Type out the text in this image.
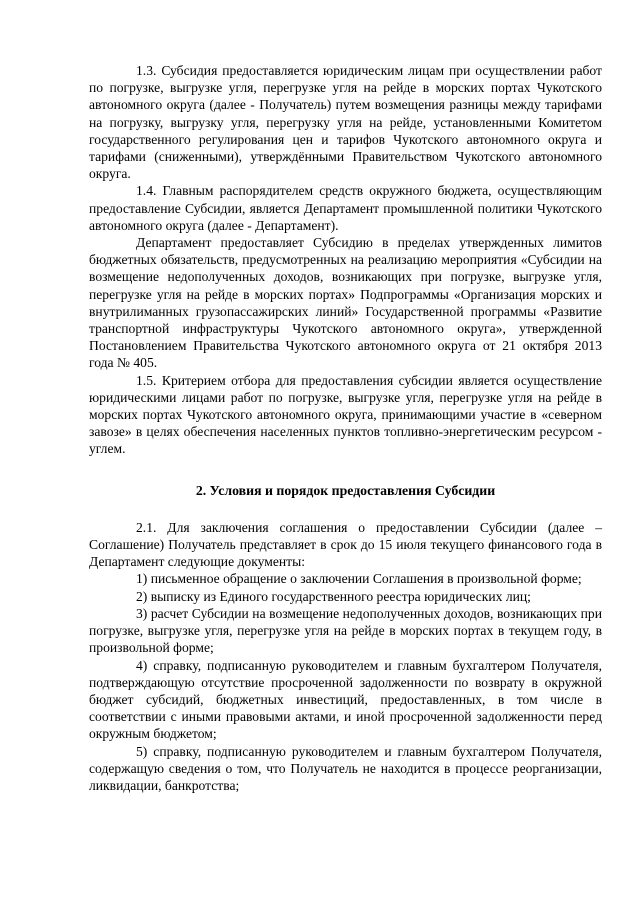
1.3. Субсидия предоставляется юридическим лицам при осуществлении работ по погрузке, выгрузке угля, перегрузке угля на рейде в морских портах Чукотского автономного округа (далее - Получатель) путем возмещения разницы между тарифами на погрузку, выгрузку угля, перегрузку угля на рейде, установленными Комитетом государственного регулирования цен и тарифов Чукотского автономного округа и тарифами (сниженными), утверждёнными Правительством Чукотского автономного округа.

1.4. Главным распорядителем средств окружного бюджета, осуществляющим предоставление Субсидии, является Департамент промышленной политики Чукотского автономного округа (далее - Департамент).

Департамент предоставляет Субсидию в пределах утвержденных лимитов бюджетных обязательств, предусмотренных на реализацию мероприятия «Субсидии на возмещение недополученных доходов, возникающих при погрузке, выгрузке угля, перегрузке угля на рейде в морских портах» Подпрограммы «Организация морских и внутрилиманных грузопассажирских линий» Государственной программы «Развитие транспортной инфраструктуры Чукотского автономного округа», утвержденной Постановлением Правительства Чукотского автономного округа от 21 октября 2013 года № 405.

1.5. Критерием отбора для предоставления субсидии является осуществление юридическими лицами работ по погрузке, выгрузке угля, перегрузке угля на рейде в морских портах Чукотского автономного округа, принимающими участие в «северном завозе» в целях обеспечения населенных пунктов топливно-энергетическим ресурсом - углем.

2. Условия и порядок предоставления Субсидии

2.1. Для заключения соглашения о предоставлении Субсидии (далее – Соглашение) Получатель представляет в срок до 15 июля текущего финансового года в Департамент следующие документы:

1) письменное обращение о заключении Соглашения в произвольной форме;

2) выписку из Единого государственного реестра юридических лиц;

3) расчет Субсидии на возмещение недополученных доходов, возникающих при погрузке, выгрузке угля, перегрузке угля на рейде в морских портах в текущем году, в произвольной форме;

4) справку, подписанную руководителем и главным бухгалтером Получателя, подтверждающую отсутствие просроченной задолженности по возврату в окружной бюджет субсидий, бюджетных инвестиций, предоставленных, в том числе в соответствии с иными правовыми актами, и иной просроченной задолженности перед окружным бюджетом;

5) справку, подписанную руководителем и главным бухгалтером Получателя, содержащую сведения о том, что Получатель не находится в процессе реорганизации, ликвидации, банкротства;
